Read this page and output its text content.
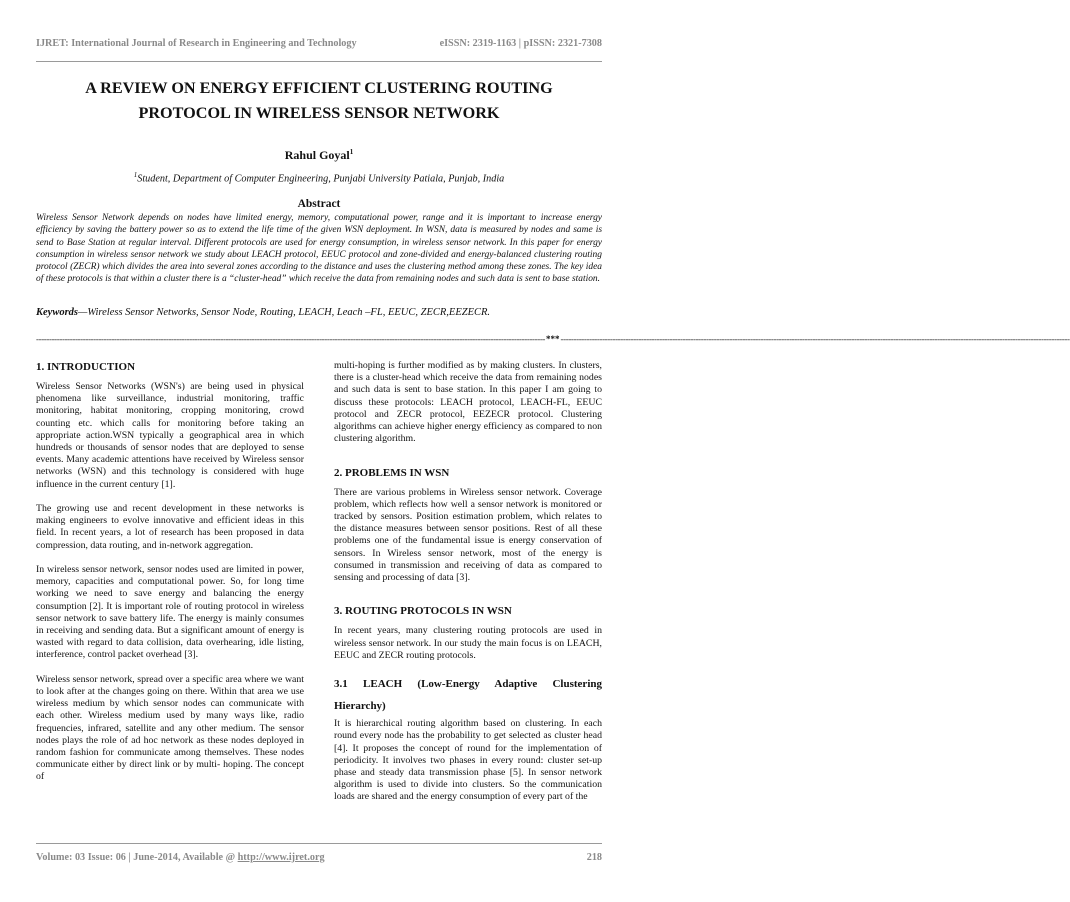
IJRET: International Journal of Research in Engineering and Technology	eISSN: 2319-1163 | pISSN: 2321-7308
A REVIEW ON ENERGY EFFICIENT CLUSTERING ROUTING
PROTOCOL IN WIRELESS SENSOR NETWORK
Rahul Goyal$^1$
$^1$Student, Department of Computer Engineering, Punjabi University Patiala, Punjab, India
Abstract

Wireless Sensor Network depends on nodes have limited energy, memory, computational power, range and it is important to increase energy efficiency by saving the battery power so as to extend the life time of the given WSN deployment. In WSN, data is measured by nodes and same is send to Base Station at regular interval. Different protocols are used for energy consumption, in wireless sensor network. In this paper for energy consumption in wireless sensor network we study about LEACH protocol, EEUC protocol and zone-divided and energy-balanced clustering routing protocol (ZECR) which divides the area into several zones according to the distance and uses the clustering method among these zones. The key idea of these protocols is that within a cluster there is a “cluster-head” which receive the data from remaining nodes and such data is sent to base station.

Keywords—Wireless Sensor Networks, Sensor Node, Routing, LEACH, Leach –FL, EEUC, ZECR,EEZECR.
---------------------------------------------------------------------------------------------------------------------------------------------------------------------------------------------------- *** ----------------------------------------------------------------------------------------------------------------------------------------------------------------------------------------------------
1. INTRODUCTION

Wireless Sensor Networks (WSN's) are being used in physical phenomena like surveillance, industrial monitoring, traffic monitoring, habitat monitoring, cropping monitoring, crowd counting etc. which calls for monitoring before taking an appropriate action.WSN typically a geographical area in which hundreds or thousands of sensor nodes that are deployed to sense events. Many academic attentions have received by Wireless sensor networks (WSN) and this technology is considered with huge influence in the current century [1].

The growing use and recent development in these networks is making engineers to evolve innovative and efficient ideas in this field. In recent years, a lot of research has been proposed in data compression, data routing, and in-network aggregation.

In wireless sensor network, sensor nodes used are limited in power, memory, capacities and computational power. So, for long time working we need to save energy and balancing the energy consumption [2]. It is important role of routing protocol in wireless sensor network to save battery life. The energy is mainly consumes in receiving and sending data. But a significant amount of energy is wasted with regard to data collision, data overhearing, idle listing, interference, control packet overhead [3].

Wireless sensor network, spread over a specific area where we want to look after at the changes going on there. Within that area we use wireless medium by which sensor nodes can communicate with each other. Wireless medium used by many ways like, radio frequencies, infrared, satellite and any other medium. The sensor nodes plays the role of ad hoc network as these nodes deployed in random fashion for communicate among themselves. These nodes communicate either by direct link or by multi- hoping. The concept of

multi-hoping is further modified as by making clusters. In clusters, there is a cluster-head which receive the data from remaining nodes and such data is sent to base station. In this paper I am going to discuss these protocols: LEACH protocol, LEACH-FL, EEUC protocol and ZECR protocol, EEZECR protocol. Clustering algorithms can achieve higher energy efficiency as compared to non clustering algorithm.

2. PROBLEMS IN WSN

There are various problems in Wireless sensor network. Coverage problem, which reflects how well a sensor network is monitored or tracked by sensors. Position estimation problem, which relates to the distance measures between sensor positions. Rest of all these problems one of the fundamental issue is energy conservation of sensors. In Wireless sensor network, most of the energy is consumed in transmission and receiving of data as compared to sensing and processing of data [3].

3. ROUTING PROTOCOLS IN WSN

In recent years, many clustering routing protocols are used in wireless sensor network. In our study the main focus is on LEACH, EEUC and ZECR routing protocols.

3.1 LEACH (Low-Energy Adaptive Clustering
Hierarchy)

It is hierarchical routing algorithm based on clustering. In each round every node has the probability to get selected as cluster head [4]. It proposes the concept of round for the implementation of periodicity. It involves two phases in every round: cluster set-up phase and steady data transmission phase [5]. In sensor network algorithm is used to divide into clusters. So the communication loads are shared and the energy consumption of every part of the

Volume: 03 Issue: 06 | June-2014, Available @ http://www.ijret.org	218
